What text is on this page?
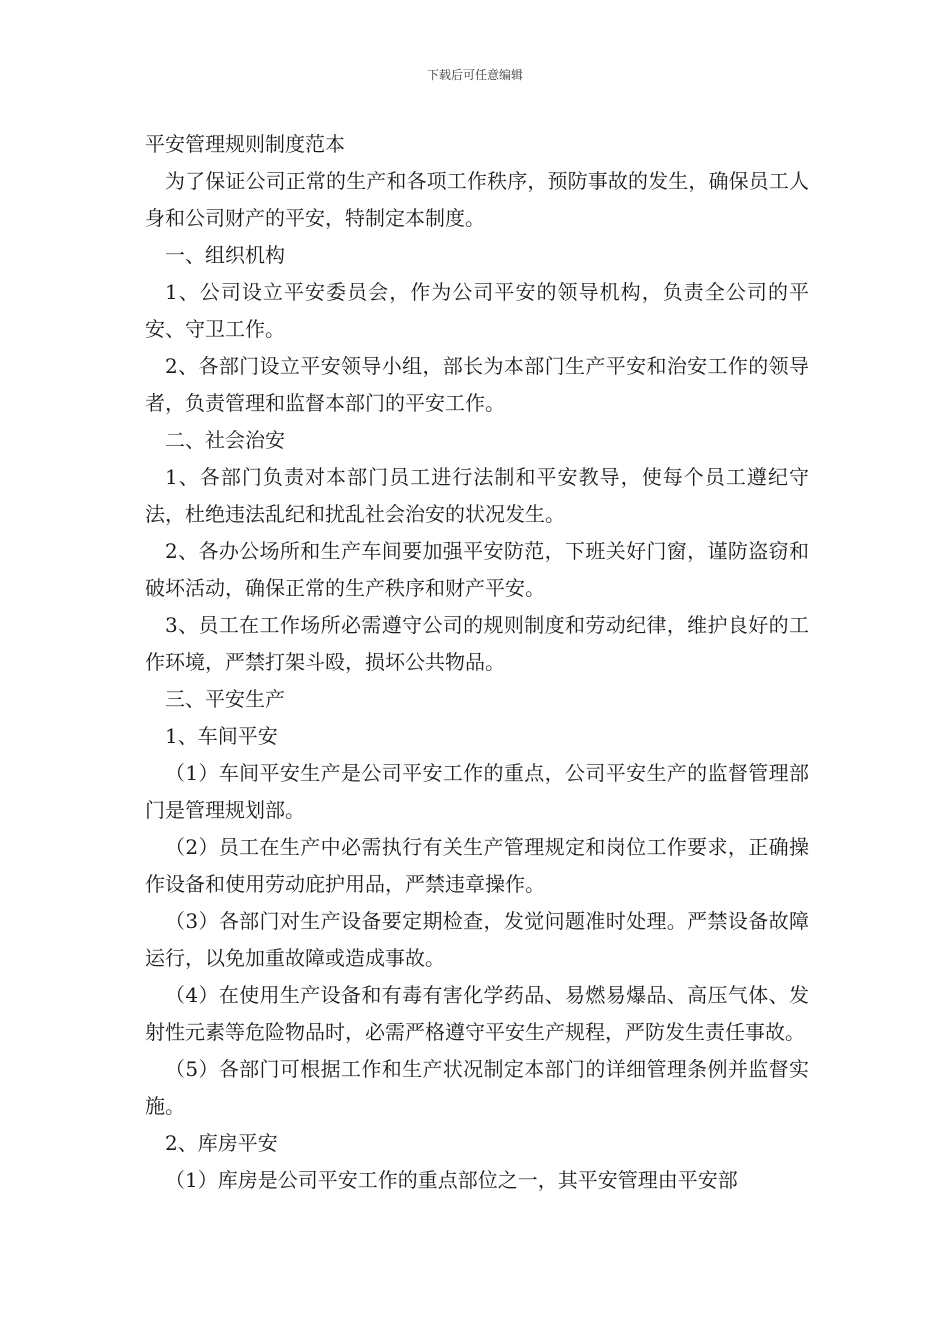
下载后可任意编辑

平安管理规则制度范本

为了保证公司正常的生产和各项工作秩序，预防事故的发生，确保员工人身和公司财产的平安，特制定本制度。

一、组织机构

1、公司设立平安委员会，作为公司平安的领导机构，负责全公司的平安、守卫工作。

2、各部门设立平安领导小组，部长为本部门生产平安和治安工作的领导者，负责管理和监督本部门的平安工作。

二、社会治安

1、各部门负责对本部门员工进行法制和平安教导，使每个员工遵纪守法，杜绝违法乱纪和扰乱社会治安的状况发生。

2、各办公场所和生产车间要加强平安防范，下班关好门窗，谨防盗窃和破坏活动，确保正常的生产秩序和财产平安。

3、员工在工作场所必需遵守公司的规则制度和劳动纪律，维护良好的工作环境，严禁打架斗殴，损坏公共物品。

三、平安生产

1、车间平安

（1）车间平安生产是公司平安工作的重点，公司平安生产的监督管理部门是管理规划部。

（2）员工在生产中必需执行有关生产管理规定和岗位工作要求，正确操作设备和使用劳动庇护用品，严禁违章操作。

（3）各部门对生产设备要定期检查，发觉问题准时处理。严禁设备故障运行，以免加重故障或造成事故。

（4）在使用生产设备和有毒有害化学药品、易燃易爆品、高压气体、发射性元素等危险物品时，必需严格遵守平安生产规程，严防发生责任事故。

（5）各部门可根据工作和生产状况制定本部门的详细管理条例并监督实施。

2、库房平安

（1）库房是公司平安工作的重点部位之一，其平安管理由平安部
